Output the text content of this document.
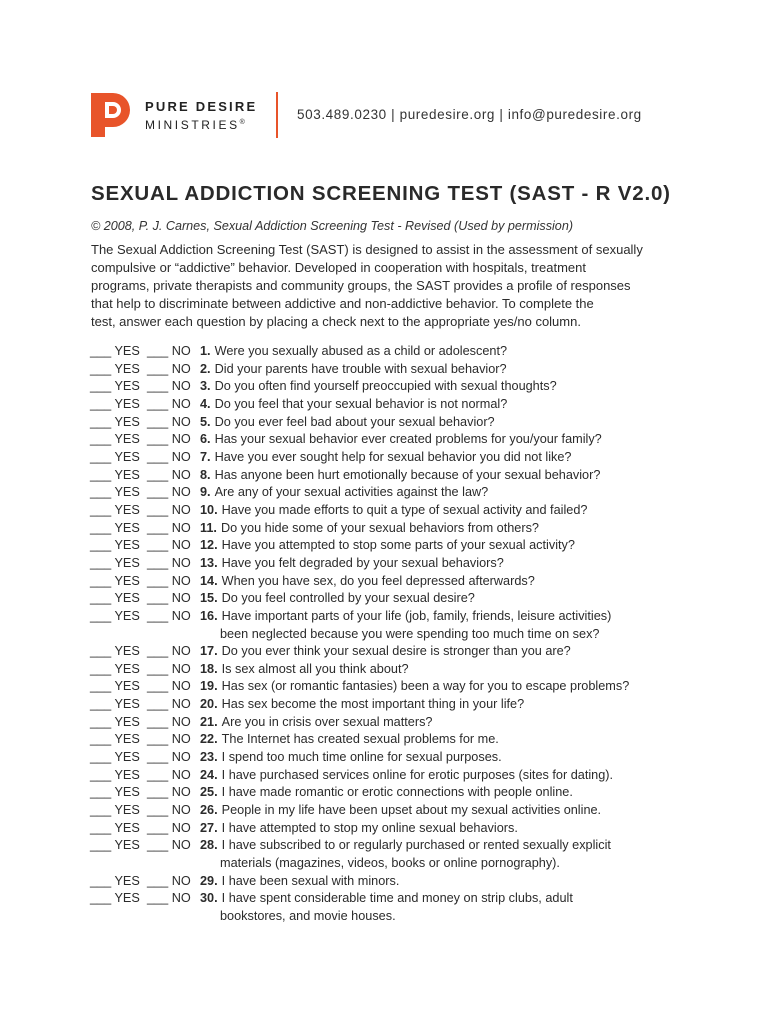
PURE DESIRE
MINISTRIES®
503.489.0230 | puredesire.org | info@puredesire.org
SEXUAL ADDICTION SCREENING TEST (SAST - R V2.0)
© 2008, P. J. Carnes, Sexual Addiction Screening Test - Revised (Used by permission)

The Sexual Addiction Screening Test (SAST) is designed to assist in the assessment of sexually
compulsive or “addictive” behavior. Developed in cooperation with hospitals, treatment
programs, private therapists and community groups, the SAST provides a profile of responses
that help to discriminate between addictive and non-addictive behavior. To complete the
test, answer each question by placing a check next to the appropriate yes/no column.

___ YES ___ NO 1. Were you sexually abused as a child or adolescent?
___ YES ___ NO 2. Did your parents have trouble with sexual behavior?
___ YES ___ NO 3. Do you often find yourself preoccupied with sexual thoughts?
___ YES ___ NO 4. Do you feel that your sexual behavior is not normal?
___ YES ___ NO 5. Do you ever feel bad about your sexual behavior?
___ YES ___ NO 6. Has your sexual behavior ever created problems for you/your family?
___ YES ___ NO 7. Have you ever sought help for sexual behavior you did not like?
___ YES ___ NO 8. Has anyone been hurt emotionally because of your sexual behavior?
___ YES ___ NO 9. Are any of your sexual activities against the law?
___ YES ___ NO 10. Have you made efforts to quit a type of sexual activity and failed?
___ YES ___ NO 11. Do you hide some of your sexual behaviors from others?
___ YES ___ NO 12. Have you attempted to stop some parts of your sexual activity?
___ YES ___ NO 13. Have you felt degraded by your sexual behaviors?
___ YES ___ NO 14. When you have sex, do you feel depressed afterwards?
___ YES ___ NO 15. Do you feel controlled by your sexual desire?
___ YES ___ NO 16. Have important parts of your life (job, family, friends, leisure activities)
been neglected because you were spending too much time on sex?
___ YES ___ NO 17. Do you ever think your sexual desire is stronger than you are?
___ YES ___ NO 18. Is sex almost all you think about?
___ YES ___ NO 19. Has sex (or romantic fantasies) been a way for you to escape problems?
___ YES ___ NO 20. Has sex become the most important thing in your life?
___ YES ___ NO 21. Are you in crisis over sexual matters?
___ YES ___ NO 22. The Internet has created sexual problems for me.
___ YES ___ NO 23. I spend too much time online for sexual purposes.
___ YES ___ NO 24. I have purchased services online for erotic purposes (sites for dating).
___ YES ___ NO 25. I have made romantic or erotic connections with people online.
___ YES ___ NO 26. People in my life have been upset about my sexual activities online.
___ YES ___ NO 27. I have attempted to stop my online sexual behaviors.
___ YES ___ NO 28. I have subscribed to or regularly purchased or rented sexually explicit
materials (magazines, videos, books or online pornography).
___ YES ___ NO 29. I have been sexual with minors.
___ YES ___ NO 30. I have spent considerable time and money on strip clubs, adult
bookstores, and movie houses.
